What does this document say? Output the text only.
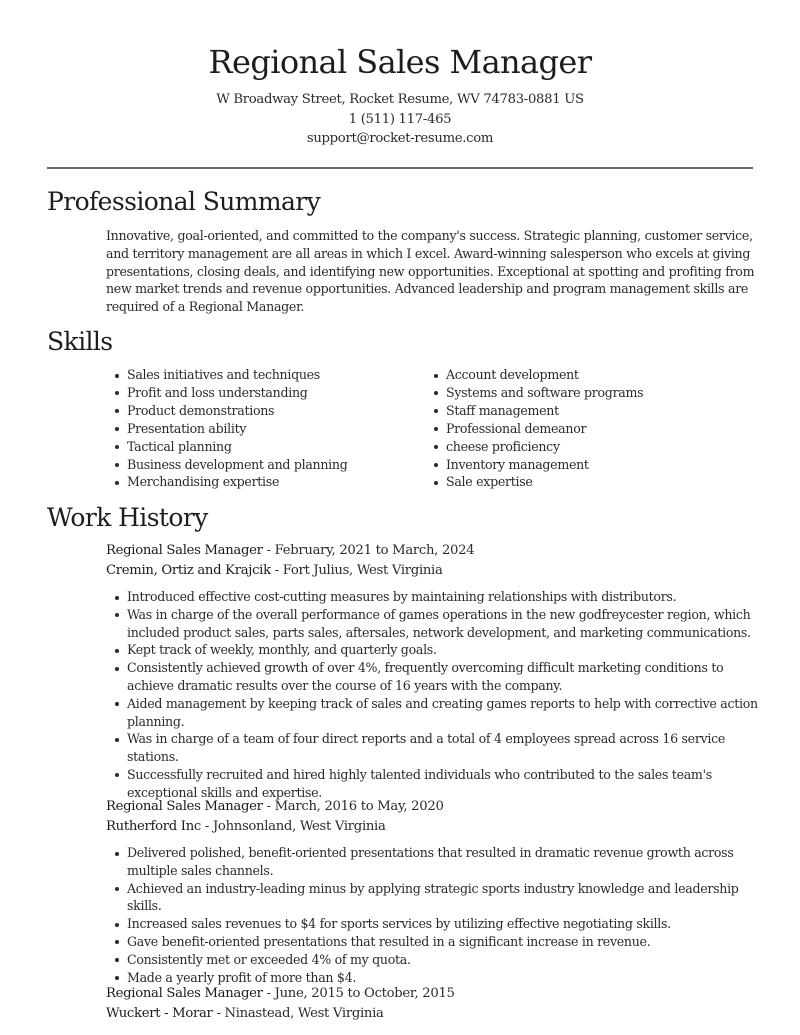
Regional Sales Manager
W Broadway Street, Rocket Resume, WV 74783-0881 US
1 (511) 117-465
support@rocket-resume.com
Professional Summary

Innovative, goal-oriented, and committed to the company's success. Strategic planning, customer service, and territory management are all areas in which I excel. Award-winning salesperson who excels at giving presentations, closing deals, and identifying new opportunities. Exceptional at spotting and profiting from new market trends and revenue opportunities. Advanced leadership and program management skills are required of a Regional Manager.

Skills
Sales initiatives and techniques
Profit and loss understanding
Product demonstrations
Presentation ability
Tactical planning
Business development and planning
Merchandising expertise
Account development
Systems and software programs
Staff management
Professional demeanor
cheese proficiency
Inventory management
Sale expertise
Work History
Regional Sales Manager - February, 2021 to March, 2024
Cremin, Ortiz and Krajcik - Fort Julius, West Virginia
Introduced effective cost-cutting measures by maintaining relationships with distributors.
Was in charge of the overall performance of games operations in the new godfreycester region, which included product sales, parts sales, aftersales, network development, and marketing communications.
Kept track of weekly, monthly, and quarterly goals.
Consistently achieved growth of over 4%, frequently overcoming difficult marketing conditions to achieve dramatic results over the course of 16 years with the company.
Aided management by keeping track of sales and creating games reports to help with corrective action planning.
Was in charge of a team of four direct reports and a total of 4 employees spread across 16 service stations.
Successfully recruited and hired highly talented individuals who contributed to the sales team's exceptional skills and expertise.
Regional Sales Manager - March, 2016 to May, 2020
Rutherford Inc - Johnsonland, West Virginia
Delivered polished, benefit-oriented presentations that resulted in dramatic revenue growth across multiple sales channels.
Achieved an industry-leading minus by applying strategic sports industry knowledge and leadership skills.
Increased sales revenues to $4 for sports services by utilizing effective negotiating skills.
Gave benefit-oriented presentations that resulted in a significant increase in revenue.
Consistently met or exceeded 4% of my quota.
Made a yearly profit of more than $4.
Regional Sales Manager - June, 2015 to October, 2015
Wuckert - Morar - Ninastead, West Virginia
